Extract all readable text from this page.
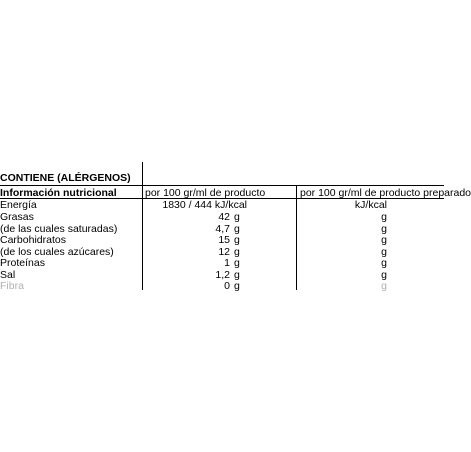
CONTIENE (ALÉRGENOS)
Información nutricional	por 100 gr/ml de producto	por 100 gr/ml de producto preparado
Energía	1830 / 444 kJ/kcal	kJ/kcal
Grasas	42 g	g
(de las cuales saturadas)	4,7 g	g
Carbohidratos	15 g	g
(de los cuales azúcares)	12 g	g
Proteínas	1 g	g
Sal	1,2 g	g
Fibra	0 g	g
